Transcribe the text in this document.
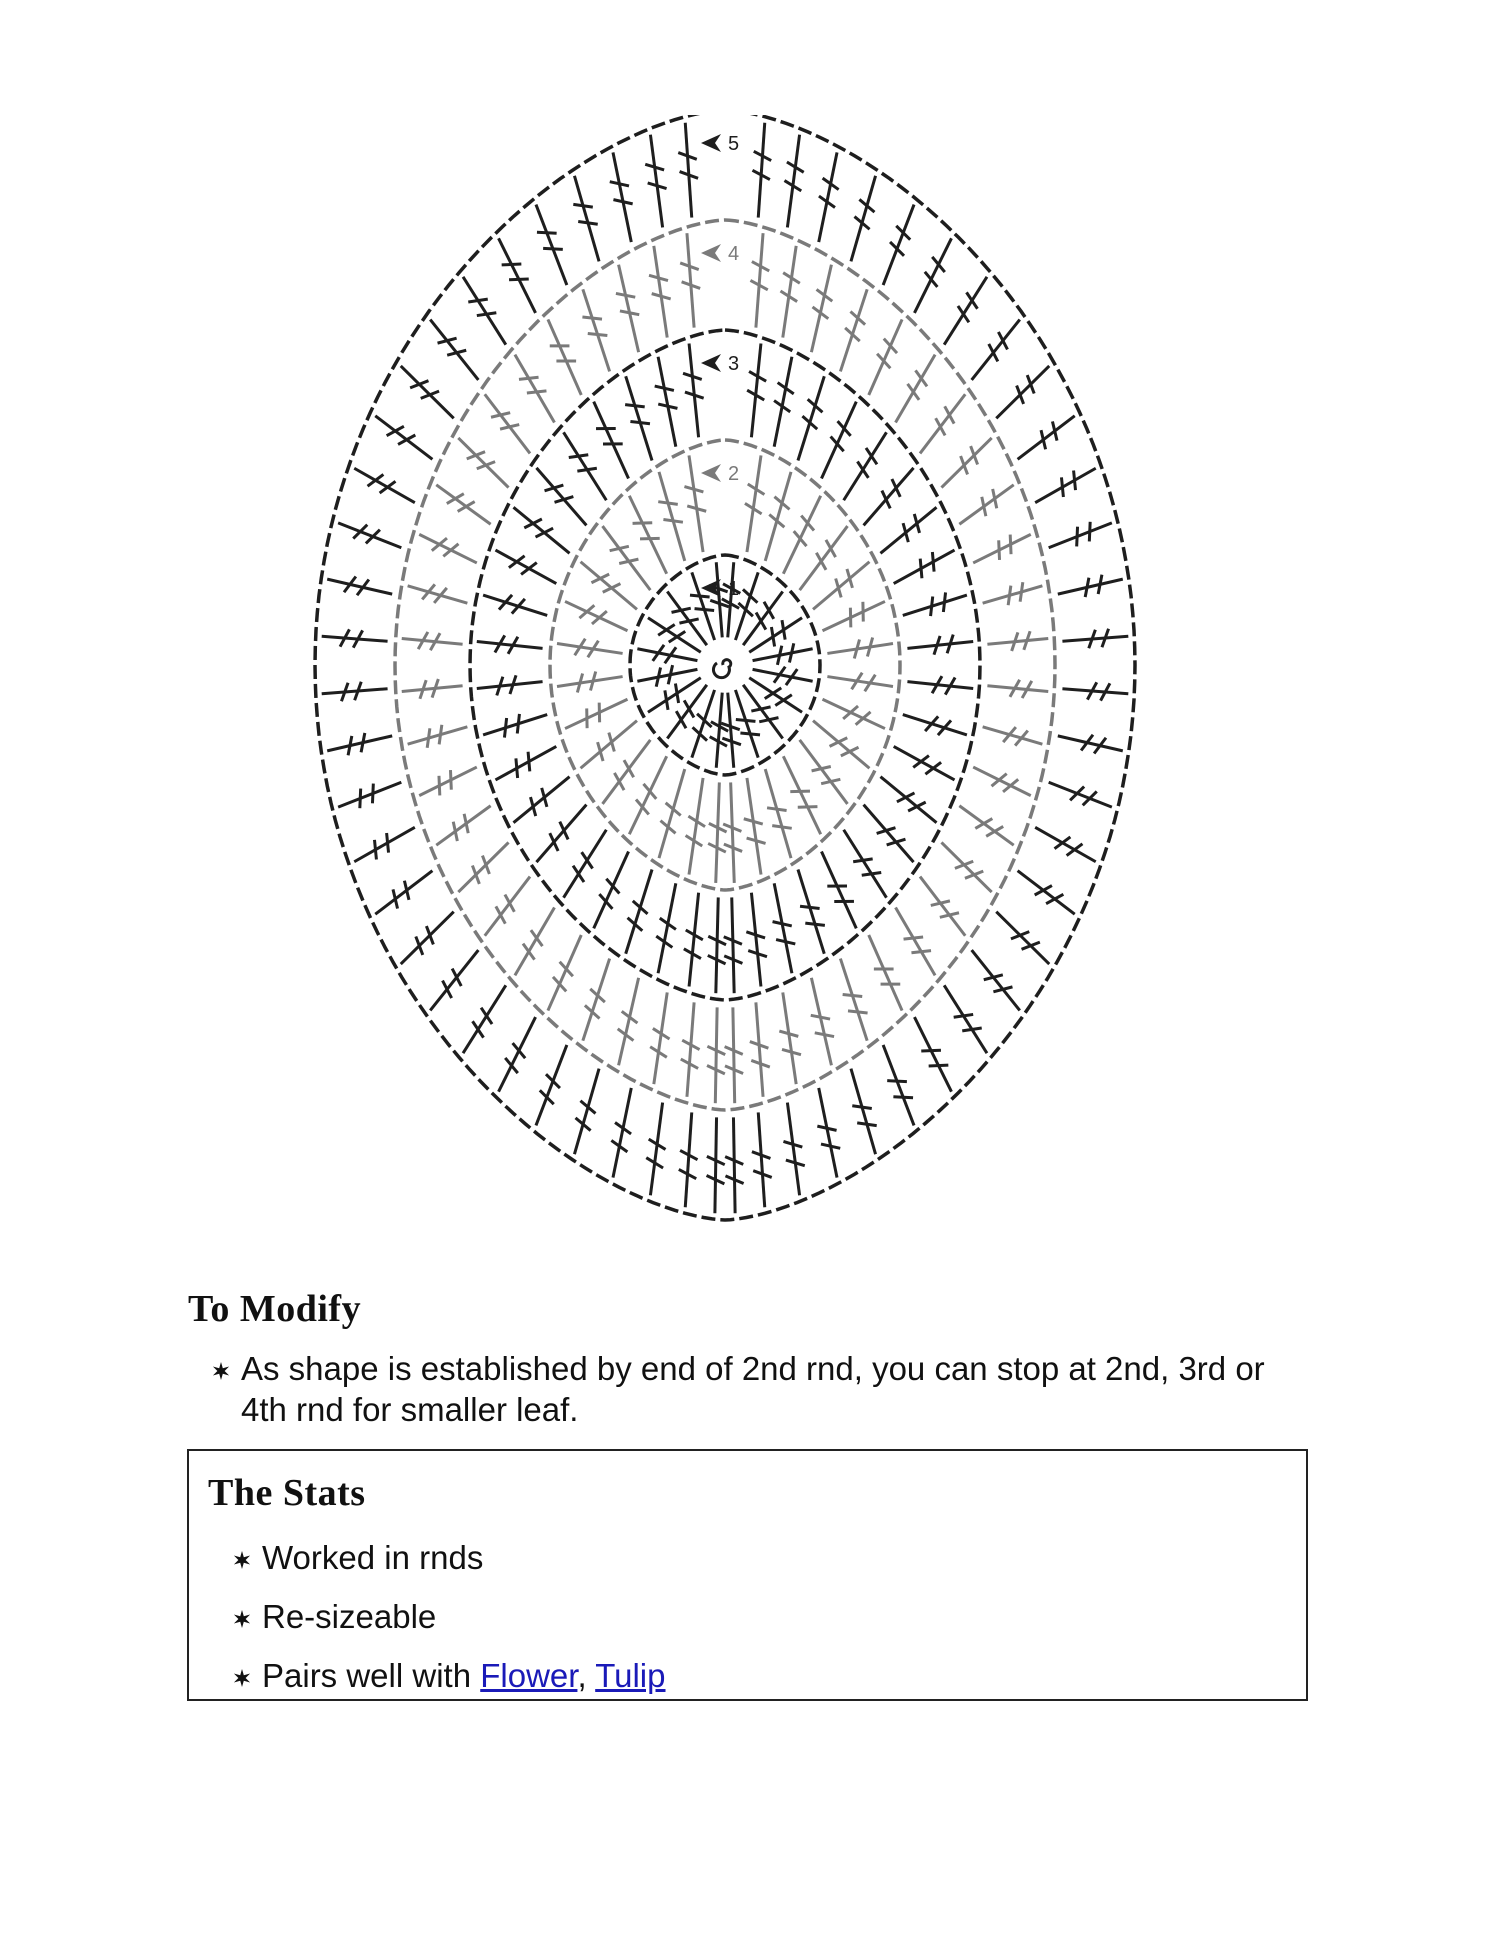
1
2
3
4
5
To Modify
As shape is established by end of 2nd rnd, you can stop at 2nd, 3rd or 4th rnd for smaller leaf.
The Stats
Worked in rnds
Re-sizeable
Pairs well with Flower, Tulip
